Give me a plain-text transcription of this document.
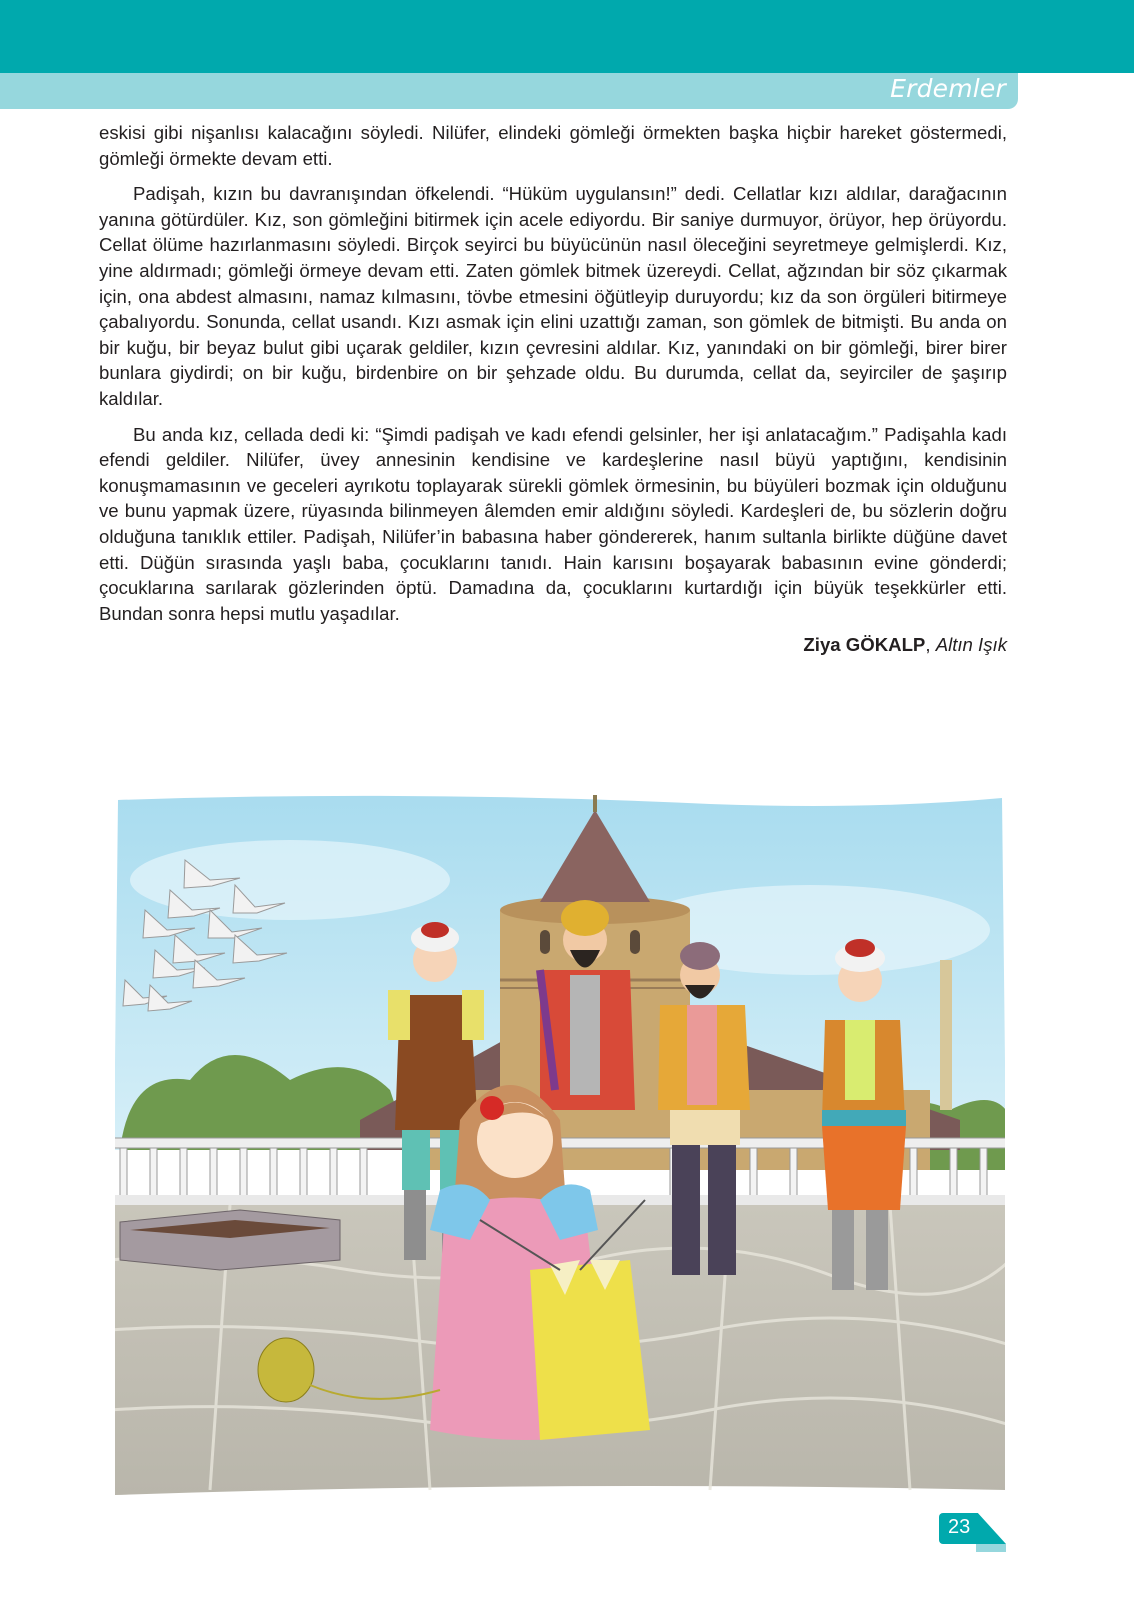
Erdemler

eskisi gibi nişanlısı kalacağını söyledi. Nilüfer, elindeki gömleği örmekten başka hiçbir hareket göstermedi, gömleği örmekte devam etti.

Padişah, kızın bu davranışından öfkelendi. “Hüküm uygulansın!” dedi. Cellatlar kızı aldılar, darağacının yanına götürdüler. Kız, son gömleğini bitirmek için acele ediyordu. Bir saniye durmuyor, örüyor, hep örüyordu. Cellat ölüme hazırlanmasını söyledi. Birçok seyirci bu büyücünün nasıl öleceğini seyretmeye gelmişlerdi. Kız, yine aldırmadı; gömleği örmeye devam etti. Zaten gömlek bitmek üzereydi. Cellat, ağzından bir söz çıkarmak için, ona abdest almasını, namaz kılmasını, tövbe etmesini öğütleyip duruyordu; kız da son örgüleri bitirmeye çabalıyordu. Sonunda, cellat usandı. Kızı asmak için elini uzattığı zaman, son gömlek de bitmişti. Bu anda on bir kuğu, bir beyaz bulut gibi uçarak geldiler, kızın çevresini aldılar. Kız, yanındaki on bir gömleği, birer birer bunlara giydirdi; on bir kuğu, birdenbire on bir şehzade oldu. Bu durumda, cellat da, seyirciler de şaşırıp kaldılar.

Bu anda kız, cellada dedi ki: “Şimdi padişah ve kadı efendi gelsinler, her işi anlatacağım.” Padişahla kadı efendi geldiler. Nilüfer, üvey annesinin kendisine ve kardeşlerine nasıl büyü yaptığını, kendisinin konuşmamasının ve geceleri ayrıkotu toplayarak sürekli gömlek örmesinin, bu büyüleri bozmak için olduğunu ve bunu yapmak üzere, rüyasında bilinmeyen âlemden emir aldığını söyledi. Kardeşleri de, bu sözlerin doğru olduğuna tanıklık ettiler. Padişah, Nilüfer’in babasına haber göndererek, hanım sultanla birlikte düğüne davet etti. Düğün sırasında yaşlı baba, çocuklarını tanıdı. Hain karısını boşayarak babasının evine gönderdi; çocuklarına sarılarak gözlerinden öptü. Damadına da, çocuklarını kurtardığı için büyük teşekkürler etti. Bundan sonra hepsi mutlu yaşadılar.

Ziya GÖKALP, Altın Işık
23
